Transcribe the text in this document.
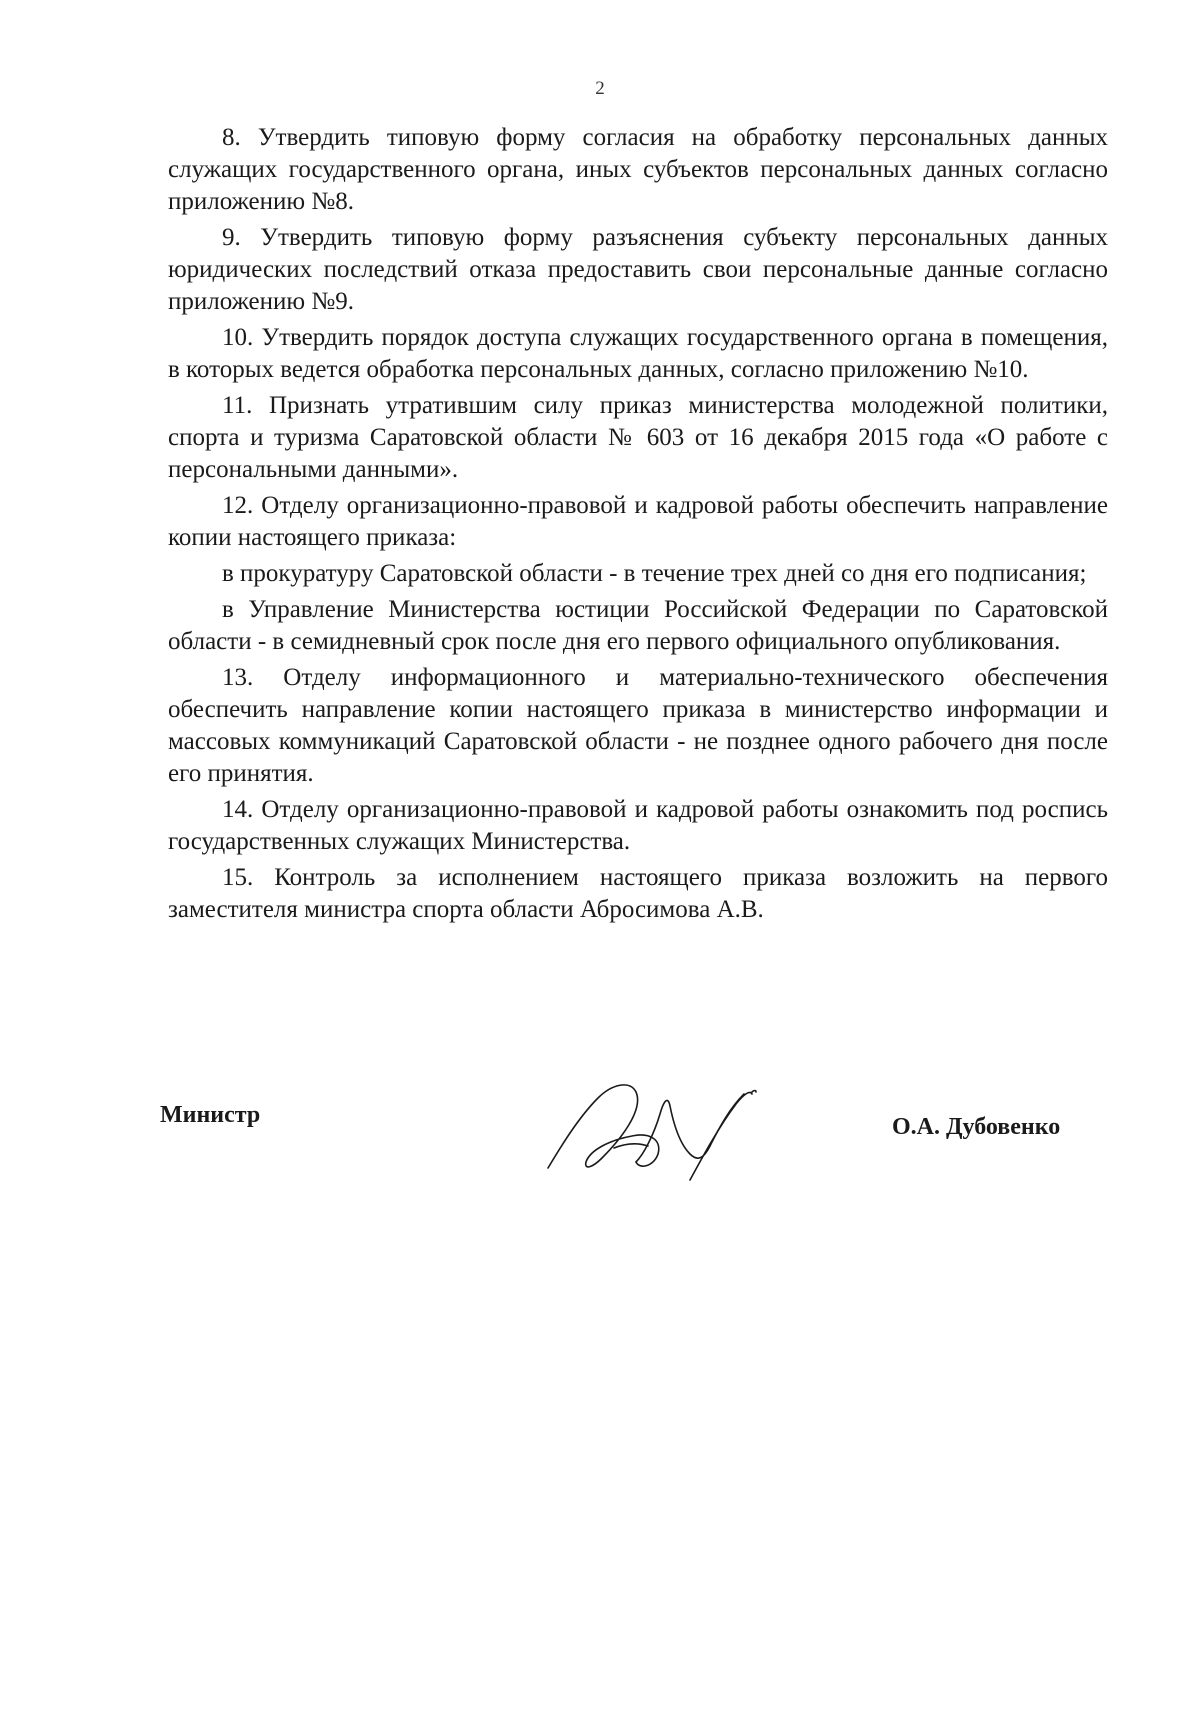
2

8. Утвердить типовую форму согласия на обработку персональных данных служащих государственного органа, иных субъектов персональных данных согласно приложению №8.

9. Утвердить типовую форму разъяснения субъекту персональных данных юридических последствий отказа предоставить свои персональные данные согласно приложению №9.

10. Утвердить порядок доступа служащих государственного органа в помещения, в которых ведется обработка персональных данных, согласно приложению №10.

11. Признать утратившим силу приказ министерства молодежной политики, спорта и туризма Саратовской области № 603 от 16 декабря 2015 года «О работе с персональными данными».

12. Отделу организационно-правовой и кадровой работы обеспечить направление копии настоящего приказа:

в прокуратуру Саратовской области - в течение трех дней со дня его подписания;

в Управление Министерства юстиции Российской Федерации по Саратовской области - в семидневный срок после дня его первого официального опубликования.

13. Отделу информационного и материально-технического обеспечения обеспечить направление копии настоящего приказа в министерство информации и массовых коммуникаций Саратовской области - не позднее одного рабочего дня после его принятия.

14. Отделу организационно-правовой и кадровой работы ознакомить под роспись государственных служащих Министерства.

15. Контроль за исполнением настоящего приказа возложить на первого заместителя министра спорта области Абросимова А.В.

Министр	О.А. Дубовенко
